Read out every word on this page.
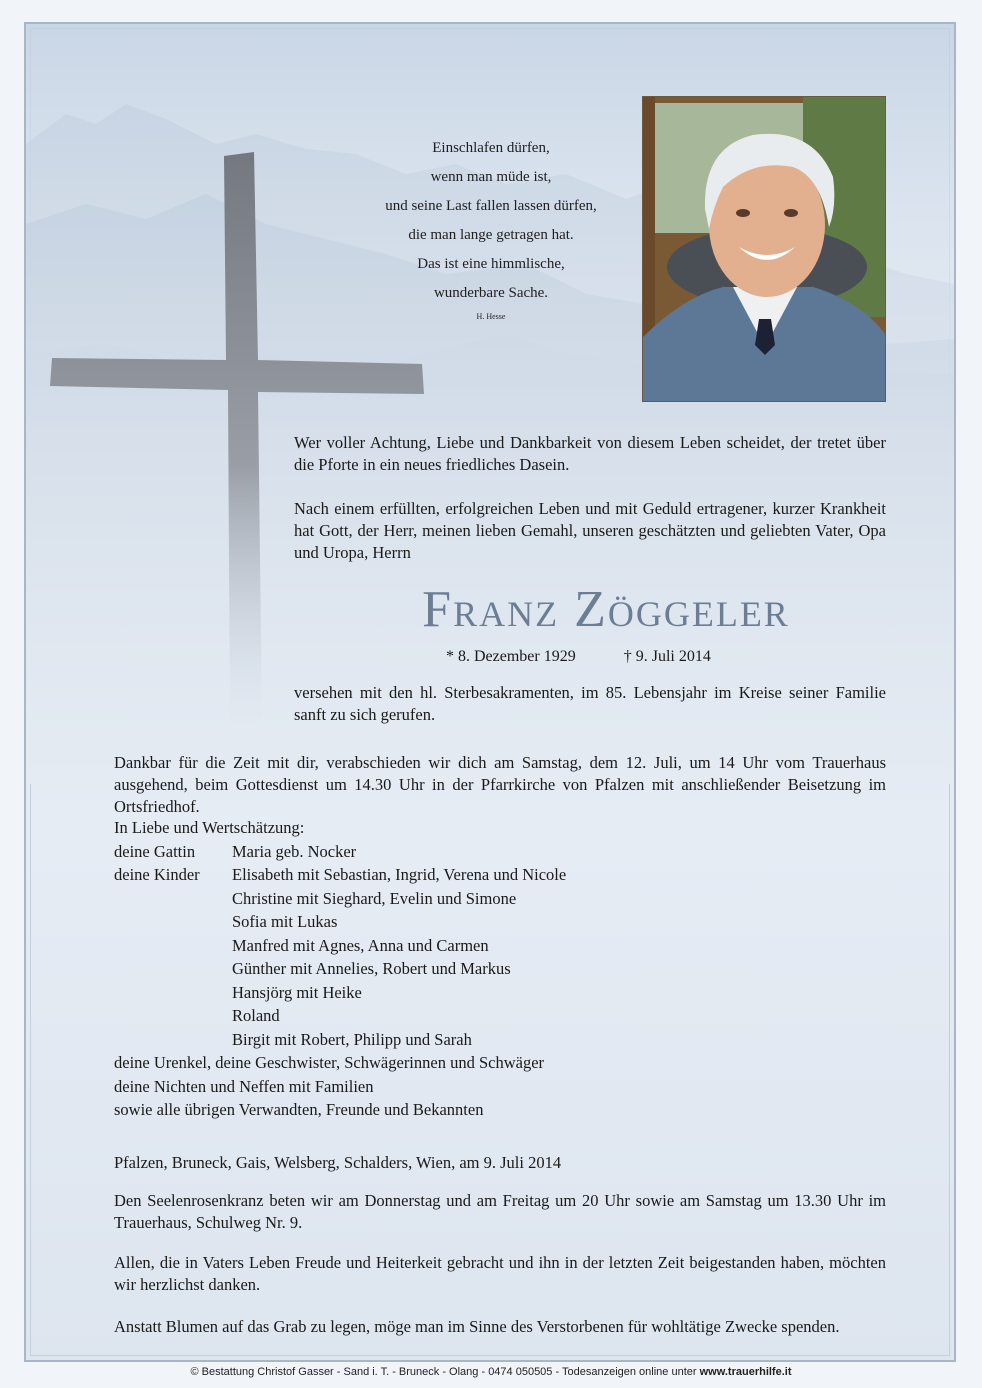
Einschlafen dürfen,
wenn man müde ist,
und seine Last fallen lassen dürfen,
die man lange getragen hat.
Das ist eine himmlische,
wunderbare Sache.
H. Hesse
Wer voller Achtung, Liebe und Dankbarkeit von diesem Leben scheidet, der tretet über die Pforte in ein neues friedliches Dasein.
Nach einem erfüllten, erfolgreichen Leben und mit Geduld ertragener, kurzer Krankheit hat Gott, der Herr, meinen lieben Gemahl, unseren geschätzten und geliebten Vater, Opa und Uropa, Herrn
Franz Zöggeler
* 8. Dezember 1929	† 9. Juli 2014
versehen mit den hl. Sterbesakramenten, im 85. Lebensjahr im Kreise seiner Familie sanft zu sich gerufen.
Dankbar für die Zeit mit dir, verabschieden wir dich am Samstag, dem 12. Juli, um 14 Uhr vom Trauerhaus ausgehend, beim Gottesdienst um 14.30 Uhr in der Pfarrkirche von Pfalzen mit anschließender Beisetzung im Ortsfriedhof.
In Liebe und Wertschätzung:
deine Gattin	Maria geb. Nocker
deine Kinder	Elisabeth mit Sebastian, Ingrid, Verena und Nicole
Christine mit Sieghard, Evelin und Simone
Sofia mit Lukas
Manfred mit Agnes, Anna und Carmen
Günther mit Annelies, Robert und Markus
Hansjörg mit Heike
Roland
Birgit mit Robert, Philipp und Sarah
deine Urenkel, deine Geschwister, Schwägerinnen und Schwäger
deine Nichten und Neffen mit Familien
sowie alle übrigen Verwandten, Freunde und Bekannten
Pfalzen, Bruneck, Gais, Welsberg, Schalders, Wien, am 9. Juli 2014
Den Seelenrosenkranz beten wir am Donnerstag und am Freitag um 20 Uhr sowie am Samstag um 13.30 Uhr im Trauerhaus, Schulweg Nr. 9.
Allen, die in Vaters Leben Freude und Heiterkeit gebracht und ihn in der letzten Zeit beigestanden haben, möchten wir herzlichst danken.
Anstatt Blumen auf das Grab zu legen, möge man im Sinne des Verstorbenen für wohltätige Zwecke spenden.
© Bestattung Christof Gasser - Sand i. T. - Bruneck - Olang - 0474 050505 - Todesanzeigen online unter www.trauerhilfe.it
